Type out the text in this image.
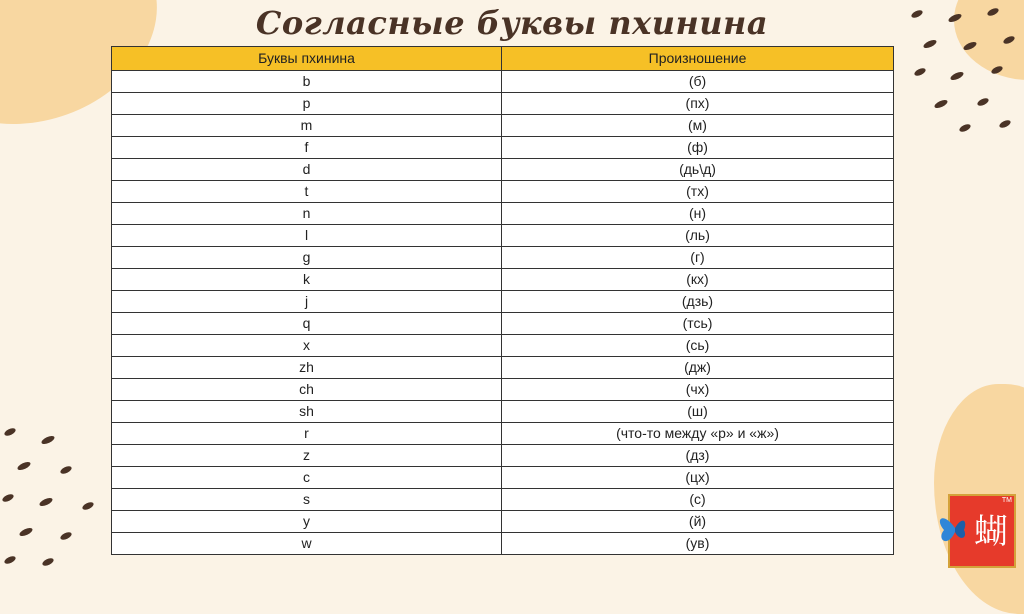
Согласные буквы пхинина
Буквы пхинина	Произношение
b	(б)
p	(пх)
m	(м)
f	(ф)
d	(дь\д)
t	(тх)
n	(н)
l	(ль)
g	(г)
k	(кх)
j	(дзь)
q	(тсь)
x	(сь)
zh	(дж)
ch	(чх)
sh	(ш)
r	(что-то между «р» и «ж»)
z	(дз)
c	(цх)
s	(с)
y	(й)
w	(ув)
TM
蝴
